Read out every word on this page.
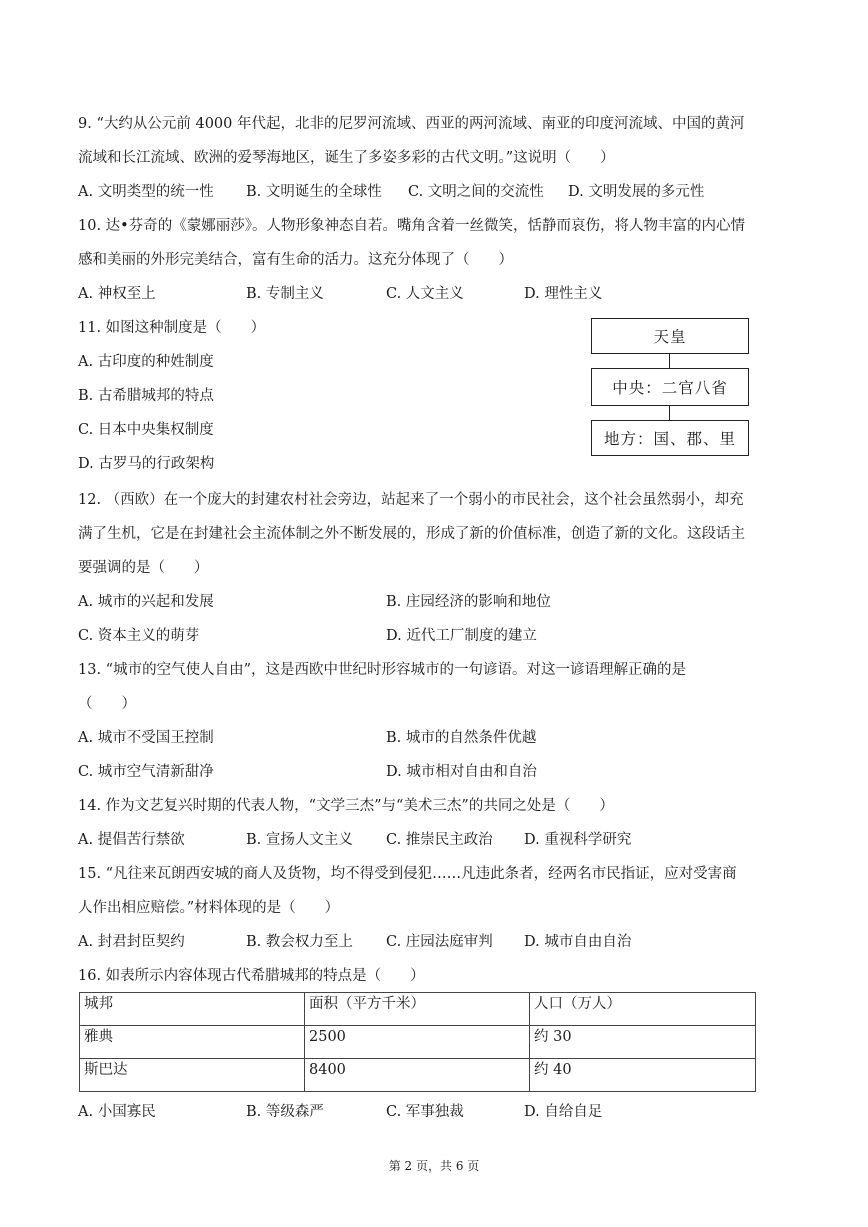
9. “大约从公元前 4000 年代起，北非的尼罗河流域、西亚的两河流域、南亚的印度河流域、中国的黄河
流域和长江流域、欧洲的爱琴海地区，诞生了多姿多彩的古代文明。”这说明（　　）
A. 文明类型的统一性 B. 文明诞生的全球性 C. 文明之间的交流性 D. 文明发展的多元性
10. 达•芬奇的《蒙娜丽莎》。人物形象神态自若。嘴角含着一丝微笑，恬静而哀伤，将人物丰富的内心情
感和美丽的外形完美结合，富有生命的活力。这充分体现了（　　）
A. 神权至上	B. 专制主义	C. 人文主义	D. 理性主义
11. 如图这种制度是（　　）
A. 古印度的种姓制度
B. 古希腊城邦的特点
C. 日本中央集权制度
D. 古罗马的行政架构
天皇
中央：二官八省
地方：国、郡、里
12. （西欧）在一个庞大的封建农村社会旁边，站起来了一个弱小的市民社会，这个社会虽然弱小，却充
满了生机，它是在封建社会主流体制之外不断发展的，形成了新的价值标准，创造了新的文化。这段话主
要强调的是（　　）
A. 城市的兴起和发展	B. 庄园经济的影响和地位
C. 资本主义的萌芽	D. 近代工厂制度的建立
13. “城市的空气使人自由”，这是西欧中世纪时形容城市的一句谚语。对这一谚语理解正确的是
（　　）
A. 城市不受国王控制	B. 城市的自然条件优越
C. 城市空气清新甜净	D. 城市相对自由和自治
14. 作为文艺复兴时期的代表人物，“文学三杰”与“美术三杰”的共同之处是（　　）
A. 提倡苦行禁欲	B. 宣扬人文主义 C. 推崇民主政治 D. 重视科学研究
15. “凡往来瓦朗西安城的商人及货物，均不得受到侵犯……凡违此条者，经两名市民指证，应对受害商
人作出相应赔偿。”材料体现的是（　　）
A. 封君封臣契约	B. 教会权力至上 C. 庄园法庭审判 D. 城市自由自治
16. 如表所示内容体现古代希腊城邦的特点是（　　）
城邦	面积（平方千米）	人口（万人）
雅典	2500	约 30
斯巴达	8400	约 40
A. 小国寡民	B. 等级森严	C. 军事独裁	D. 自给自足
第 2 页，共 6 页
